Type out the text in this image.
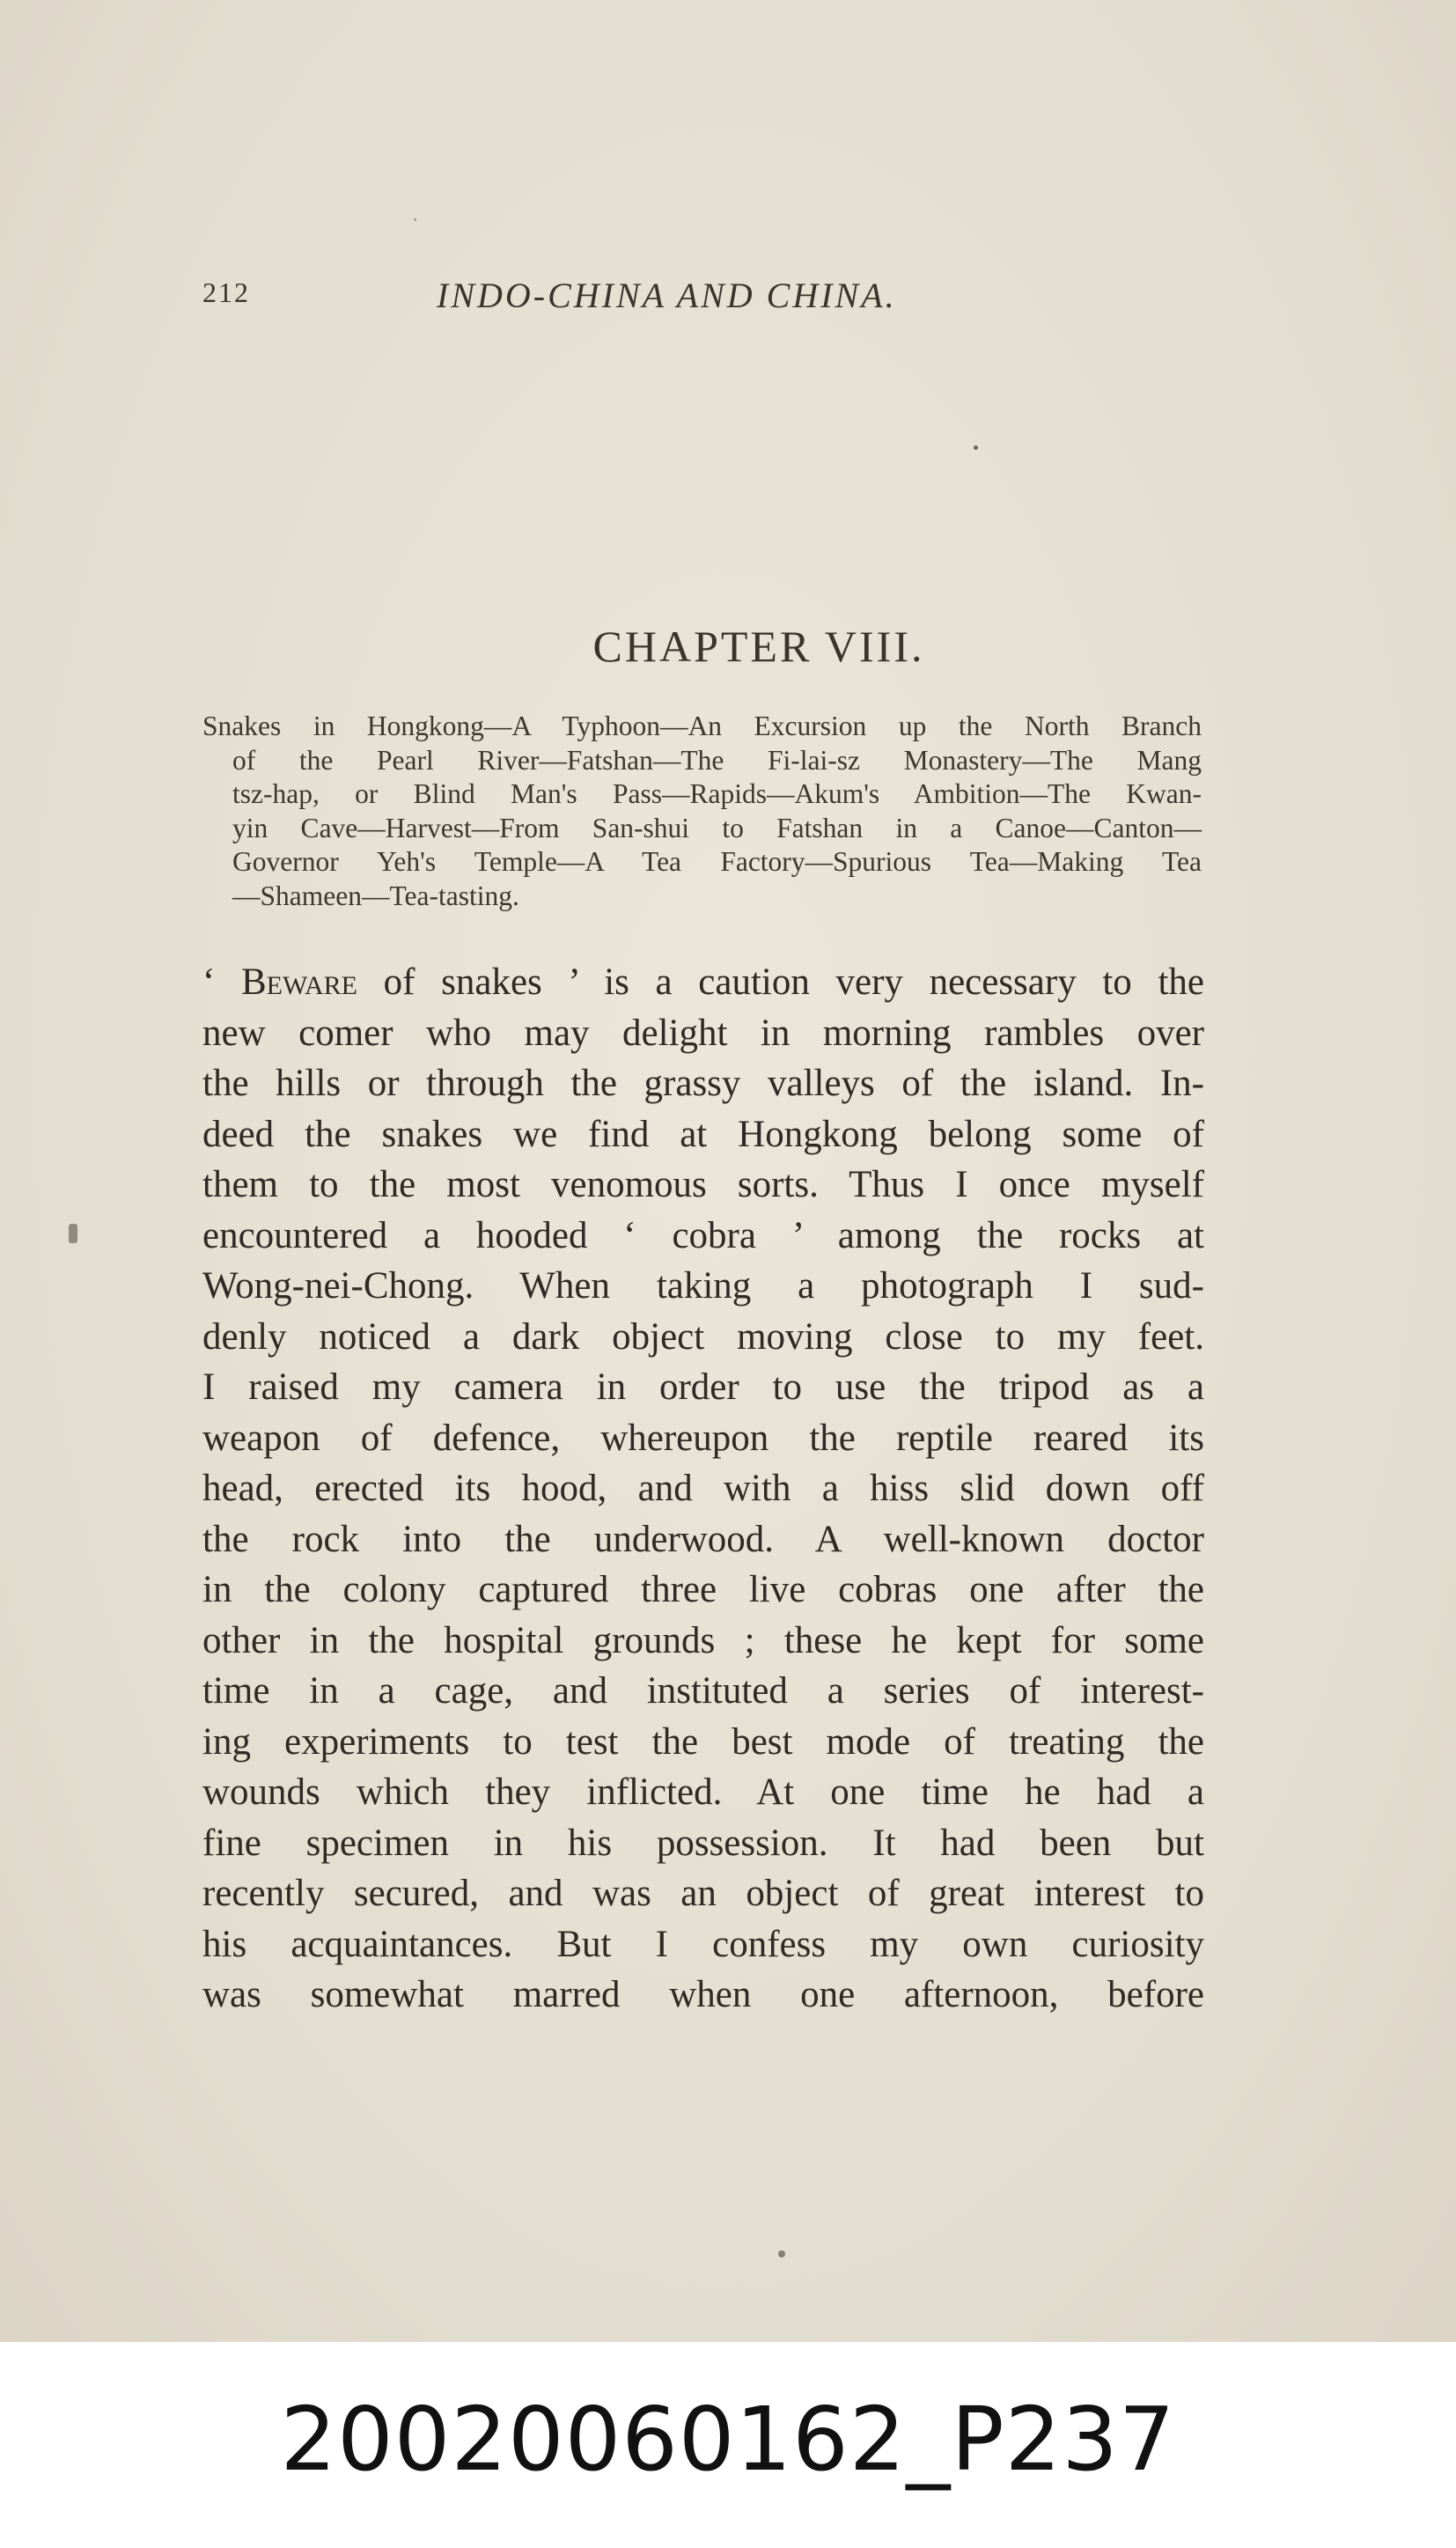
212	INDO-CHINA AND CHINA.
CHAPTER VIII.
Snakes in Hongkong—A Typhoon—An Excursion up the North Branch
of the Pearl River—Fatshan—The Fi-lai-sz Monastery—The Mang
tsz-hap, or Blind Man's Pass—Rapids—Akum's Ambition—The Kwan-
yin Cave—Harvest—From San-shui to Fatshan in a Canoe—Canton—
Governor Yeh's Temple—A Tea Factory—Spurious Tea—Making Tea
—Shameen—Tea-tasting.
‘ Beware of snakes ’ is a caution very necessary to the
new comer who may delight in morning rambles over
the hills or through the grassy valleys of the island. In-
deed the snakes we find at Hongkong belong some of
them to the most venomous sorts. Thus I once myself
encountered a hooded ‘ cobra ’ among the rocks at
Wong-nei-Chong. When taking a photograph I sud-
denly noticed a dark object moving close to my feet.
I raised my camera in order to use the tripod as a
weapon of defence, whereupon the reptile reared its
head, erected its hood, and with a hiss slid down off
the rock into the underwood. A well-known doctor
in the colony captured three live cobras one after the
other in the hospital grounds ; these he kept for some
time in a cage, and instituted a series of interest-
ing experiments to test the best mode of treating the
wounds which they inflicted. At one time he had a
fine specimen in his possession. It had been but
recently secured, and was an object of great interest to
his acquaintances. But I confess my own curiosity
was somewhat marred when one afternoon, before
20020060162_P237
